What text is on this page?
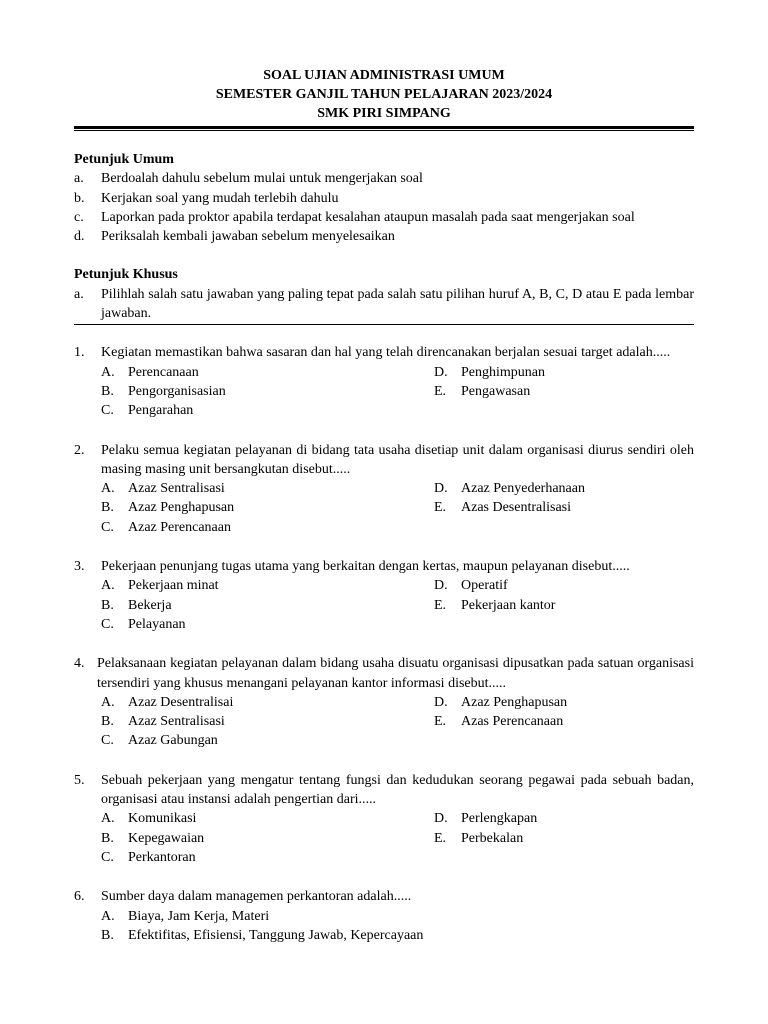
SOAL UJIAN ADMINISTRASI UMUM
SEMESTER GANJIL TAHUN PELAJARAN 2023/2024
SMK PIRI SIMPANG
Petunjuk Umum
a.	Berdoalah dahulu sebelum mulai untuk mengerjakan soal
b.	Kerjakan soal yang mudah terlebih dahulu
c.	Laporkan pada proktor apabila terdapat kesalahan ataupun masalah pada saat mengerjakan soal
d.	Periksalah kembali jawaban sebelum menyelesaikan
Petunjuk Khusus
a.	Pilihlah salah satu jawaban yang paling tepat pada salah satu pilihan huruf A, B, C, D atau E pada lembar jawaban.
1.	Kegiatan memastikan bahwa sasaran dan hal yang telah direncanakan berjalan sesuai target adalah.....
A. Perencanaan
B.	Pengorganisasian
C.	Pengarahan
D. Penghimpunan
E.	Pengawasan
2.	Pelaku semua kegiatan pelayanan di bidang tata usaha disetiap unit dalam organisasi diurus sendiri oleh masing masing unit bersangkutan disebut.....
A. Azaz Sentralisasi
B.	Azaz Penghapusan
C.	Azaz Perencanaan
D. Azaz Penyederhanaan
E.	Azas Desentralisasi
3.	Pekerjaan penunjang tugas utama yang berkaitan dengan kertas, maupun pelayanan disebut.....
A. Pekerjaan minat
B.	Bekerja
C.	Pelayanan
D. Operatif
E.	Pekerjaan kantor
4. Pelaksanaan kegiatan pelayanan dalam bidang usaha disuatu organisasi dipusatkan pada satuan organisasi tersendiri yang khusus menangani pelayanan kantor informasi disebut.....
A. Azaz Desentralisai
B.	Azaz Sentralisasi
C.	Azaz Gabungan
D. Azaz Penghapusan
E.	Azas Perencanaan
5.	Sebuah pekerjaan yang mengatur tentang fungsi dan kedudukan seorang pegawai pada sebuah badan, organisasi atau instansi adalah pengertian dari.....
A. Komunikasi
B.	Kepegawaian
C.	Perkantoran
D. Perlengkapan
E.	Perbekalan
6.	Sumber daya dalam managemen perkantoran adalah.....
A. Biaya, Jam Kerja, Materi
B.	Efektifitas, Efisiensi, Tanggung Jawab, Kepercayaan
